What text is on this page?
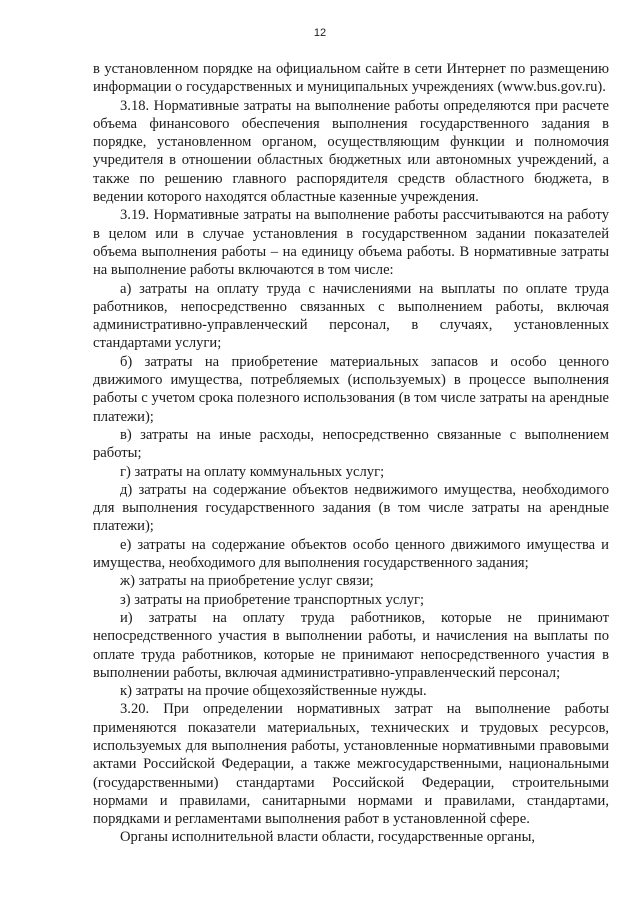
12

в установленном порядке на официальном сайте в сети Интернет по размещению информации о государственных и муниципальных учреждениях (www.bus.gov.ru).

3.18. Нормативные затраты на выполнение работы определяются при расчете объема финансового обеспечения выполнения государственного задания в порядке, установленном органом, осуществляющим функции и полномочия учредителя в отношении областных бюджетных или автономных учреждений, а также по решению главного распорядителя средств областного бюджета, в ведении которого находятся областные казенные учреждения.

3.19. Нормативные затраты на выполнение работы рассчитываются на работу в целом или в случае установления в государственном задании показателей объема выполнения работы – на единицу объема работы. В нормативные затраты на выполнение работы включаются в том числе:

а) затраты на оплату труда с начислениями на выплаты по оплате труда работников, непосредственно связанных с выполнением работы, включая административно-управленческий персонал, в случаях, установленных стандартами услуги;

б) затраты на приобретение материальных запасов и особо ценного движимого имущества, потребляемых (используемых) в процессе выполнения работы с учетом срока полезного использования (в том числе затраты на арендные платежи);

в) затраты на иные расходы, непосредственно связанные с выполнением работы;

г) затраты на оплату коммунальных услуг;

д) затраты на содержание объектов недвижимого имущества, необходимого для выполнения государственного задания (в том числе затраты на арендные платежи);

е) затраты на содержание объектов особо ценного движимого имущества и имущества, необходимого для выполнения государственного задания;

ж) затраты на приобретение услуг связи;

з) затраты на приобретение транспортных услуг;

и) затраты на оплату труда работников, которые не принимают непосредственного участия в выполнении работы, и начисления на выплаты по оплате труда работников, которые не принимают непосредственного участия в выполнении работы, включая административно-управленческий персонал;

к) затраты на прочие общехозяйственные нужды.

3.20. При определении нормативных затрат на выполнение работы применяются показатели материальных, технических и трудовых ресурсов, используемых для выполнения работы, установленные нормативными правовыми актами Российской Федерации, а также межгосударственными, национальными (государственными) стандартами Российской Федерации, строительными нормами и правилами, санитарными нормами и правилами, стандартами, порядками и регламентами выполнения работ в установленной сфере.

Органы исполнительной власти области, государственные органы,
